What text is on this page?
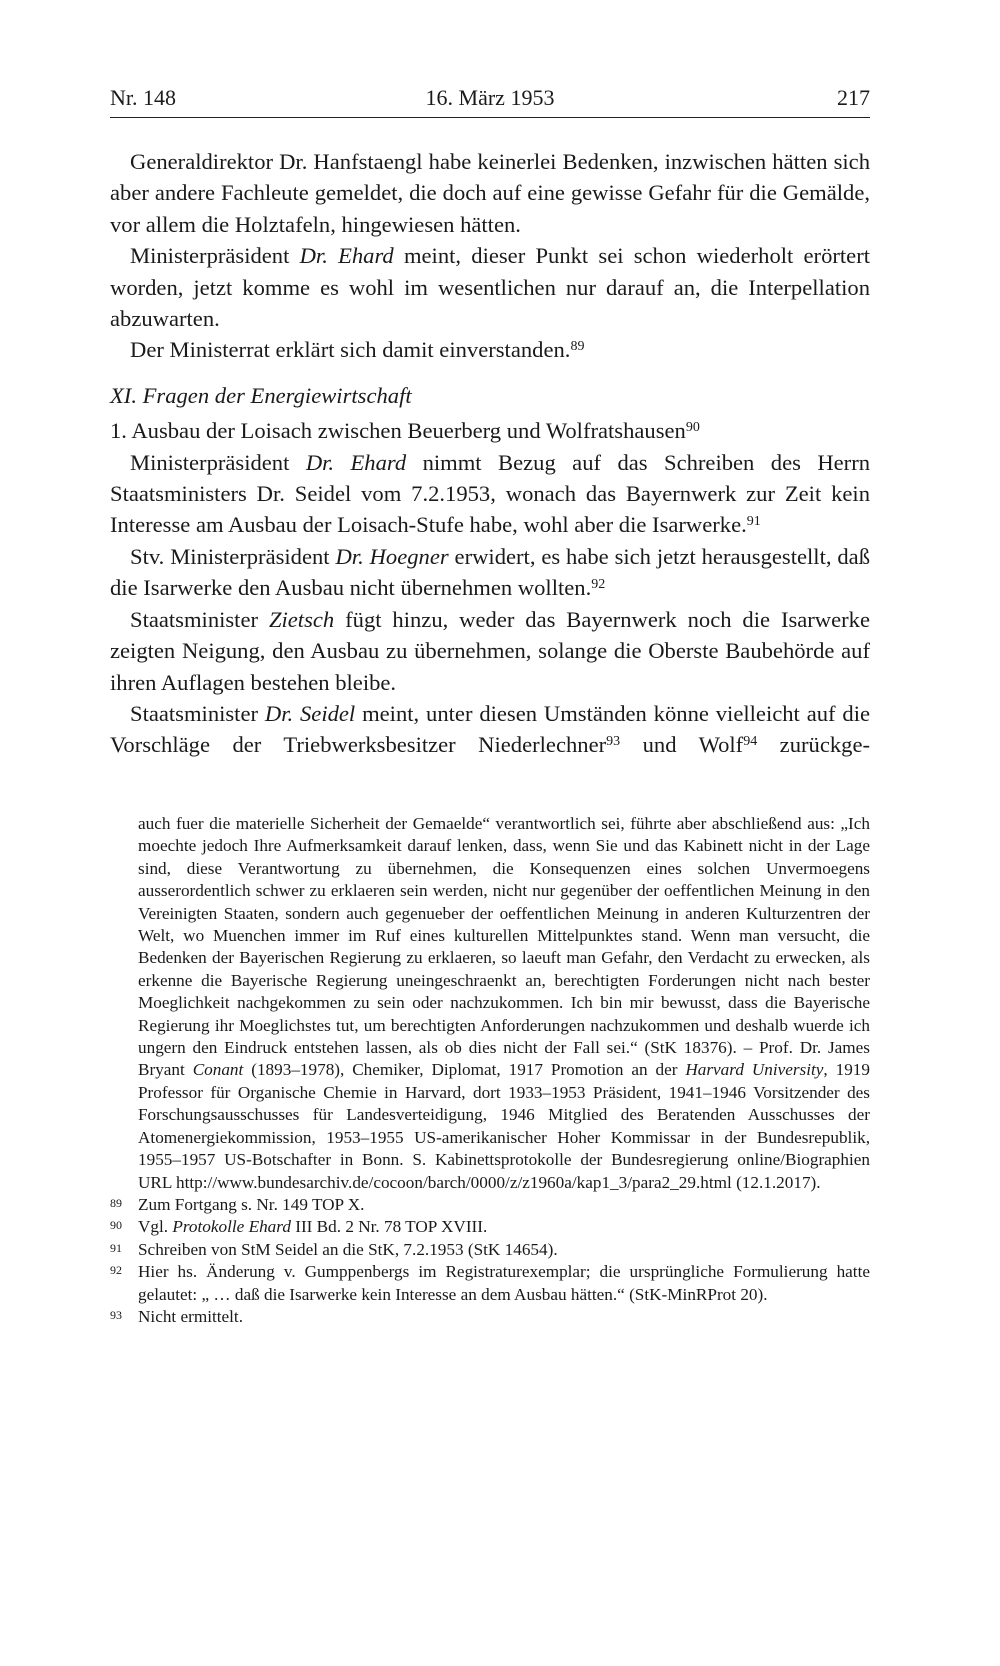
Nr. 148	16. März 1953	217

Generaldirektor Dr. Hanfstaengl habe keinerlei Bedenken, inzwischen hätten sich aber andere Fachleute gemeldet, die doch auf eine gewisse Gefahr für die Gemälde, vor allem die Holztafeln, hingewiesen hätten.

Ministerpräsident Dr. Ehard meint, dieser Punkt sei schon wiederholt erörtert worden, jetzt komme es wohl im wesentlichen nur darauf an, die Interpellation abzuwarten.

Der Ministerrat erklärt sich damit einverstanden.$^{89}$

XI. Fragen der Energiewirtschaft

1. Ausbau der Loisach zwischen Beuerberg und Wolfratshausen$^{90}$

Ministerpräsident Dr. Ehard nimmt Bezug auf das Schreiben des Herrn Staatsministers Dr. Seidel vom 7.2.1953, wonach das Bayernwerk zur Zeit kein Interesse am Ausbau der Loisach-Stufe habe, wohl aber die Isarwerke.$^{91}$

Stv. Ministerpräsident Dr. Hoegner erwidert, es habe sich jetzt herausgestellt, daß die Isarwerke den Ausbau nicht übernehmen wollten.$^{92}$

Staatsminister Zietsch fügt hinzu, weder das Bayernwerk noch die Isarwerke zeigten Neigung, den Ausbau zu übernehmen, solange die Oberste Baubehörde auf ihren Auflagen bestehen bleibe.

Staatsminister Dr. Seidel meint, unter diesen Umständen könne vielleicht auf die Vorschläge der Triebwerksbesitzer Niederlechner$^{93}$ und Wolf$^{94}$ zurückge-

auch fuer die materielle Sicherheit der Gemaelde“ verantwortlich sei, führte aber abschließend aus: „Ich moechte jedoch Ihre Aufmerksamkeit darauf lenken, dass, wenn Sie und das Kabinett nicht in der Lage sind, diese Verantwortung zu übernehmen, die Konsequenzen eines solchen Unvermoegens ausserordentlich schwer zu erklaeren sein werden, nicht nur gegenüber der oeffentlichen Meinung in den Vereinigten Staaten, sondern auch gegenueber der oeffentlichen Meinung in anderen Kulturzentren der Welt, wo Muenchen immer im Ruf eines kulturellen Mittelpunktes stand. Wenn man versucht, die Bedenken der Bayerischen Regierung zu erklaeren, so laeuft man Gefahr, den Verdacht zu erwecken, als erkenne die Bayerische Regierung uneingeschraenkt an, berechtigten Forderungen nicht nach bester Moeglichkeit nachgekommen zu sein oder nachzukommen. Ich bin mir bewusst, dass die Bayerische Regierung ihr Moeglichstes tut, um berechtigten Anforderungen nachzukommen und deshalb wuerde ich ungern den Eindruck entstehen lassen, als ob dies nicht der Fall sei.“ (StK 18376). – Prof. Dr. James Bryant Conant (1893–1978), Chemiker, Diplomat, 1917 Promotion an der Harvard University, 1919 Professor für Organische Chemie in Harvard, dort 1933–1953 Präsident, 1941–1946 Vorsitzender des Forschungsausschusses für Landesverteidigung, 1946 Mitglied des Beratenden Ausschusses der Atomenergiekommission, 1953–1955 US-amerikanischer Hoher Kommissar in der Bundesrepublik, 1955–1957 US-Botschafter in Bonn. S. Kabinettsprotokolle der Bundesregierung online/Biographien URL http://www.bundesarchiv.de/cocoon/barch/0000/z/z1960a/kap1_3/para2_29.html (12.1.2017).

89 Zum Fortgang s. Nr. 149 TOP X.

90 Vgl. Protokolle Ehard III Bd. 2 Nr. 78 TOP XVIII.

91 Schreiben von StM Seidel an die StK, 7.2.1953 (StK 14654).

92 Hier hs. Änderung v. Gumppenbergs im Registraturexemplar; die ursprüngliche Formulierung hatte gelautet: „ … daß die Isarwerke kein Interesse an dem Ausbau hätten.“ (StK-MinRProt 20).

93 Nicht ermittelt.
